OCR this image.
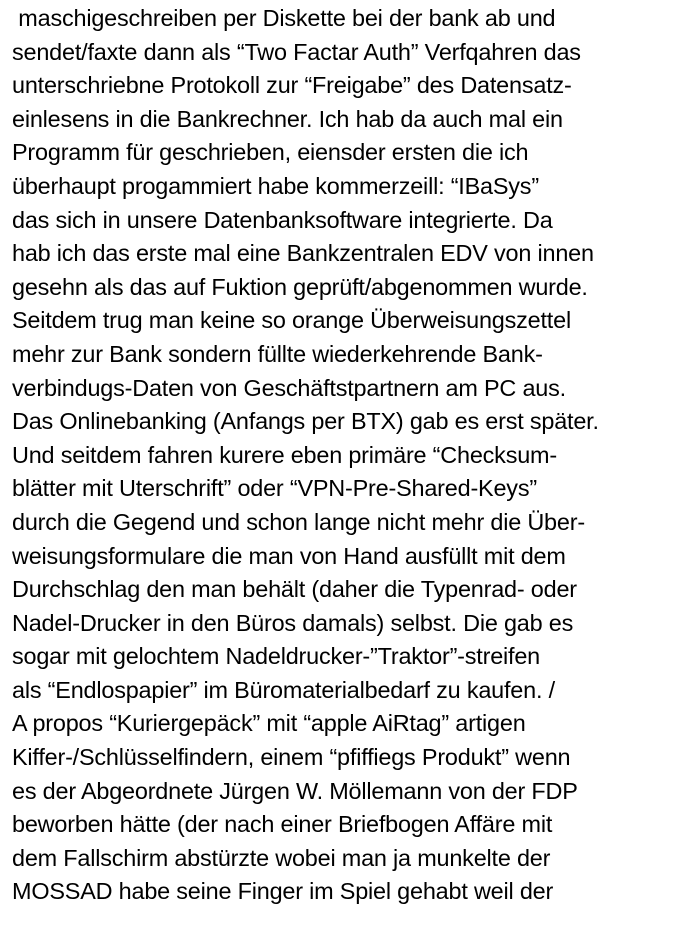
maschigeschreiben per Diskette bei der bank ab und
sendet/faxte dann als “Two Factar Auth” Verfqahren das
unterschriebne Protokoll zur “Freigabe” des Datensatz-
einlesens in die Bankrechner. Ich hab da auch mal ein
Programm für geschrieben, eiensder ersten die ich
überhaupt progammiert habe kommerzeill: “IBaSys”
das sich in unsere Datenbanksoftware integrierte. Da
hab ich das erste mal eine Bankzentralen EDV von innen
gesehn als das auf Fuktion geprüft/abgenommen wurde.
Seitdem trug man keine so orange Überweisungszettel
mehr zur Bank sondern füllte wiederkehrende Bank-
verbindugs-Daten von Geschäftstpartnern am PC aus.
Das Onlinebanking (Anfangs per BTX) gab es erst später.
Und seitdem fahren kurere eben primäre “Checksum-
blätter mit Uterschrift” oder “VPN-Pre-Shared-Keys”
durch die Gegend und schon lange nicht mehr die Über-
weisungsformulare die man von Hand ausfüllt mit dem
Durchschlag den man behält (daher die Typenrad- oder
Nadel-Drucker in den Büros damals) selbst. Die gab es
sogar mit gelochtem Nadeldrucker-”Traktor”-streifen
als “Endlospapier” im Büromaterialbedarf zu kaufen. /
A propos “Kuriergepäck” mit “apple AiRtag” artigen
Kiffer-/Schlüsselfindern, einem “pfiffiegs Produkt” wenn
es der Abgeordnete Jürgen W. Möllemann von der FDP
beworben hätte (der nach einer Briefbogen Affäre mit
dem Fallschirm abstürzte wobei man ja munkelte der
MOSSAD habe seine Finger im Spiel gehabt weil der
